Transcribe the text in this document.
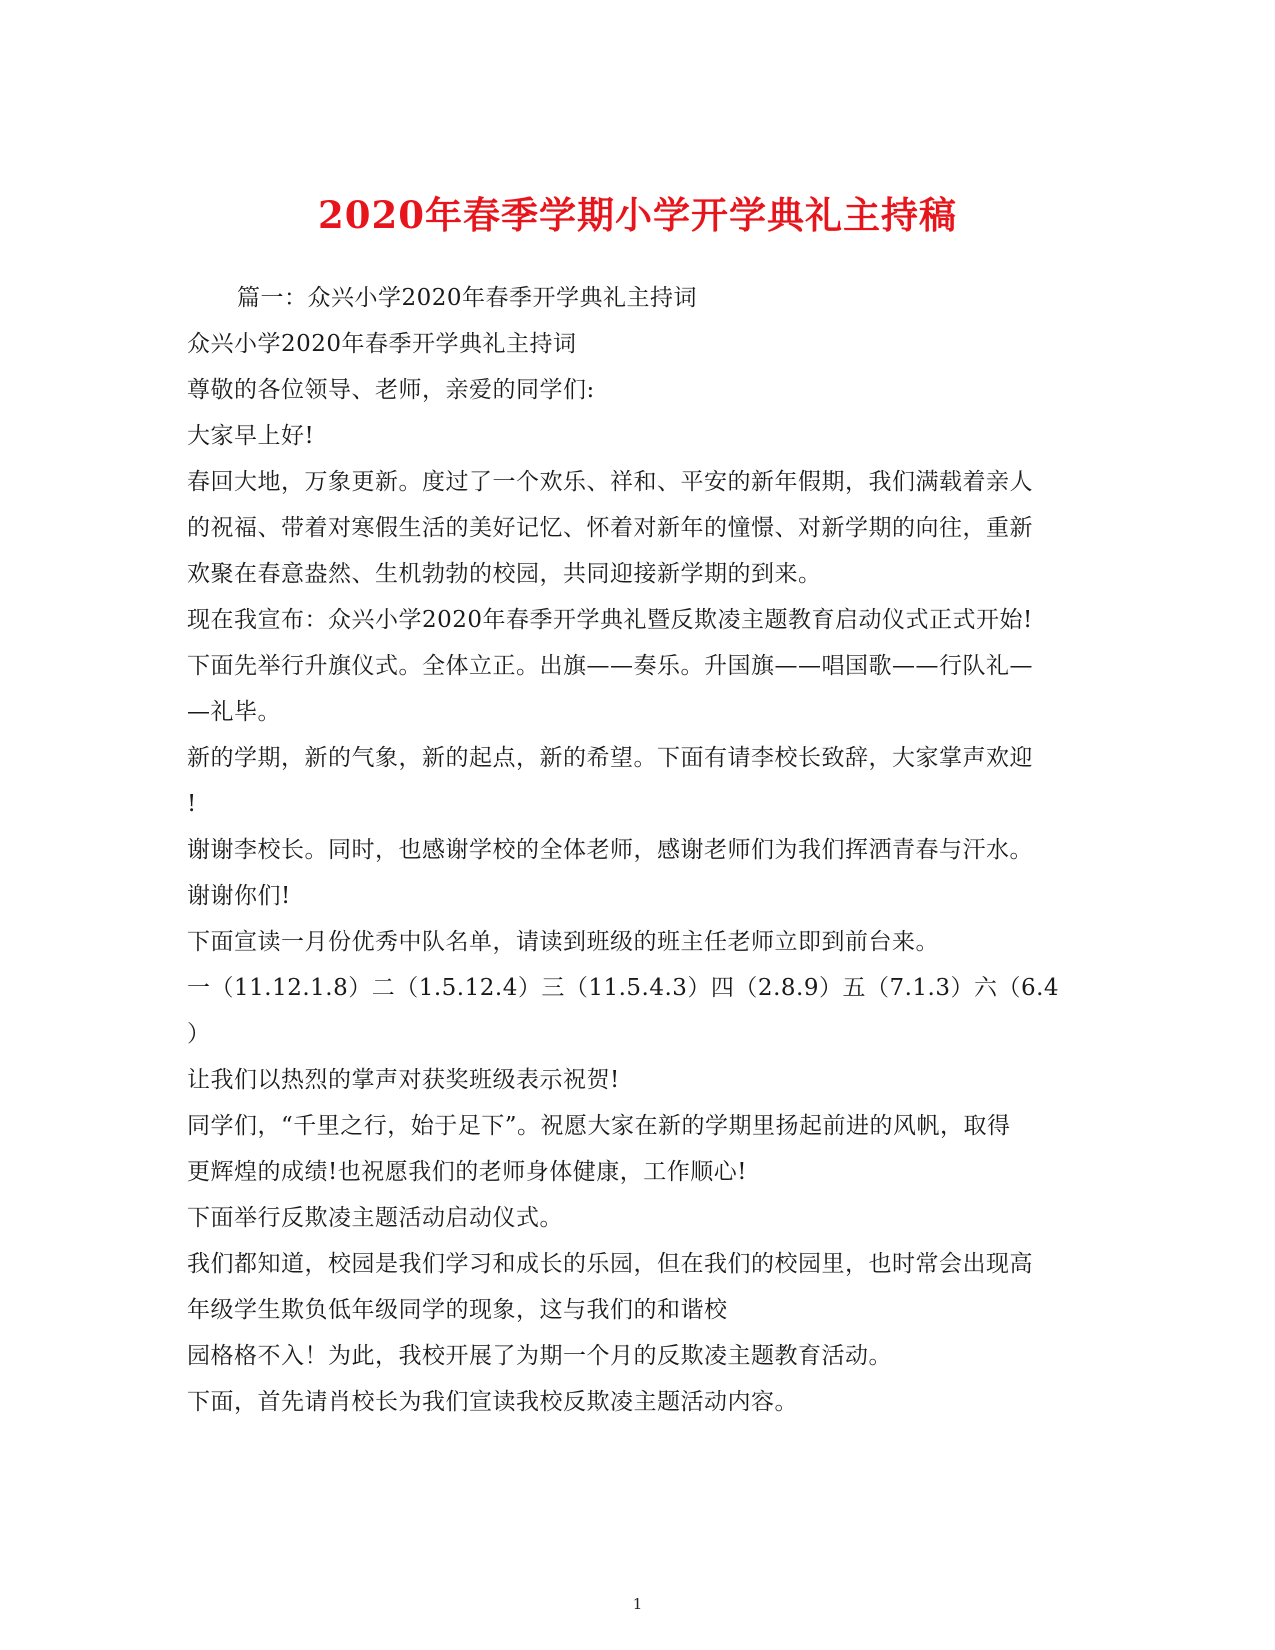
2020年春季学期小学开学典礼主持稿

篇一：众兴小学2020年春季开学典礼主持词

众兴小学2020年春季开学典礼主持词

尊敬的各位领导、老师，亲爱的同学们:

大家早上好!

春回大地，万象更新。度过了一个欢乐、祥和、平安的新年假期，我们满载着亲人

的祝福、带着对寒假生活的美好记忆、怀着对新年的憧憬、对新学期的向往，重新

欢聚在春意盎然、生机勃勃的校园，共同迎接新学期的到来。

现在我宣布：众兴小学2020年春季开学典礼暨反欺凌主题教育启动仪式正式开始!

下面先举行升旗仪式。全体立正。出旗——奏乐。升国旗——唱国歌——行队礼—

—礼毕。

新的学期，新的气象，新的起点，新的希望。下面有请李校长致辞，大家掌声欢迎

!

谢谢李校长。同时，也感谢学校的全体老师，感谢老师们为我们挥洒青春与汗水。

谢谢你们!

下面宣读一月份优秀中队名单，请读到班级的班主任老师立即到前台来。

一（11.12.1.8）二（1.5.12.4）三（11.5.4.3）四（2.8.9）五（7.1.3）六（6.4

）

让我们以热烈的掌声对获奖班级表示祝贺!

同学们，“千里之行，始于足下”。祝愿大家在新的学期里扬起前进的风帆，取得

更辉煌的成绩!也祝愿我们的老师身体健康，工作顺心!

下面举行反欺凌主题活动启动仪式。

我们都知道，校园是我们学习和成长的乐园，但在我们的校园里，也时常会出现高

年级学生欺负低年级同学的现象，这与我们的和谐校

园格格不入！为此，我校开展了为期一个月的反欺凌主题教育活动。

下面，首先请肖校长为我们宣读我校反欺凌主题活动内容。

1
